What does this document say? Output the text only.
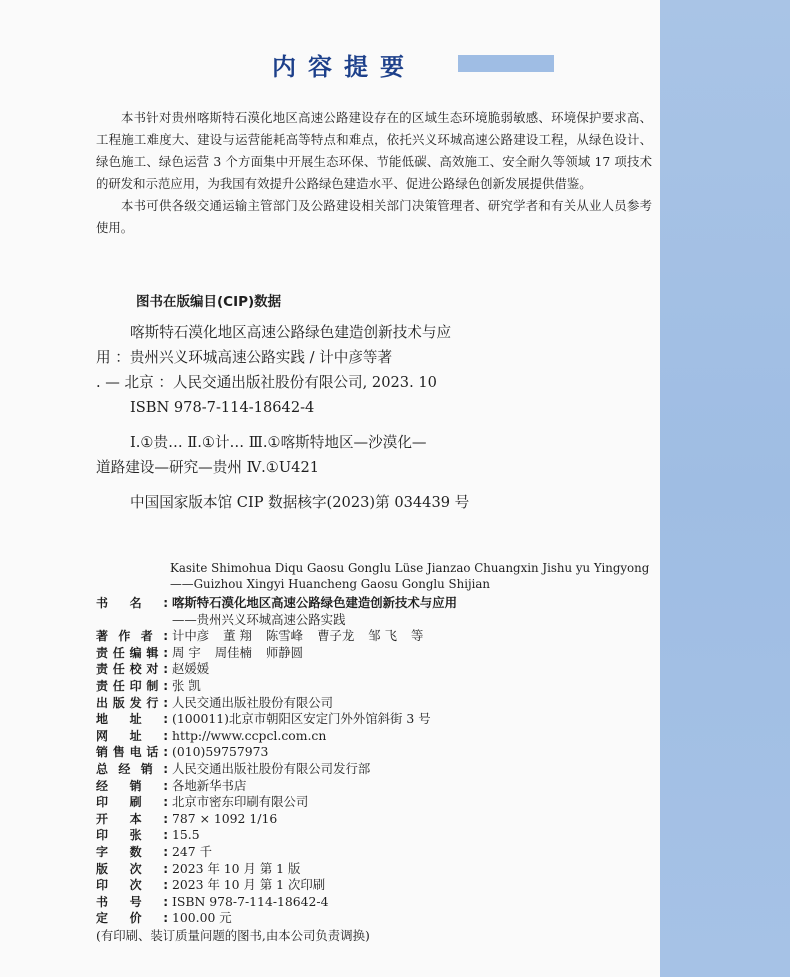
内容提要

本书针对贵州喀斯特石漠化地区高速公路建设存在的区域生态环境脆弱敏感、环境保护要求高、工程施工难度大、建设与运营能耗高等特点和难点，依托兴义环城高速公路建设工程，从绿色设计、绿色施工、绿色运营 3 个方面集中开展生态环保、节能低碳、高效施工、安全耐久等领域 17 项技术的研发和示范应用，为我国有效提升公路绿色建造水平、促进公路绿色创新发展提供借鉴。

本书可供各级交通运输主管部门及公路建设相关部门决策管理者、研究学者和有关从业人员参考使用。

图书在版编目(CIP)数据

喀斯特石漠化地区高速公路绿色建造创新技术与应

用 ：贵州兴义环城高速公路实践 / 计中彦等著

. — 北京 ：人民交通出版社股份有限公司, 2023. 10

ISBN 978-7-114-18642-4

Ⅰ.①贵… Ⅱ.①计… Ⅲ.①喀斯特地区—沙漠化—

道路建设—研究—贵州 Ⅳ.①U421

中国国家版本馆 CIP 数据核字(2023)第 034439 号

Kasite Shimohua Diqu Gaosu Gonglu Lüse Jianzao Chuangxin Jishu yu Yingyong
——Guizhou Xingyi Huancheng Gaosu Gonglu Shijian
书名: 喀斯特石漠化地区高速公路绿色建造创新技术与应用
——贵州兴义环城高速公路实践
著作者: 计中彦 董 翔 陈雪峰 曹子龙 邹 飞 等
责任编辑: 周 宇 周佳楠 师静圆
责任校对: 赵媛媛
责任印制: 张 凯
出版发行: 人民交通出版社股份有限公司
地址: (100011)北京市朝阳区安定门外外馆斜街 3 号
网址: http://www.ccpcl.com.cn
销售电话: (010)59757973
总经销: 人民交通出版社股份有限公司发行部
经销: 各地新华书店
印刷: 北京市密东印刷有限公司
开本: 787 × 1092 1/16
印张: 15.5
字数: 247 千
版次: 2023 年 10 月 第 1 版
印次: 2023 年 10 月 第 1 次印刷
书号: ISBN 978-7-114-18642-4
定价: 100.00 元
(有印刷、装订质量问题的图书,由本公司负责调换)
